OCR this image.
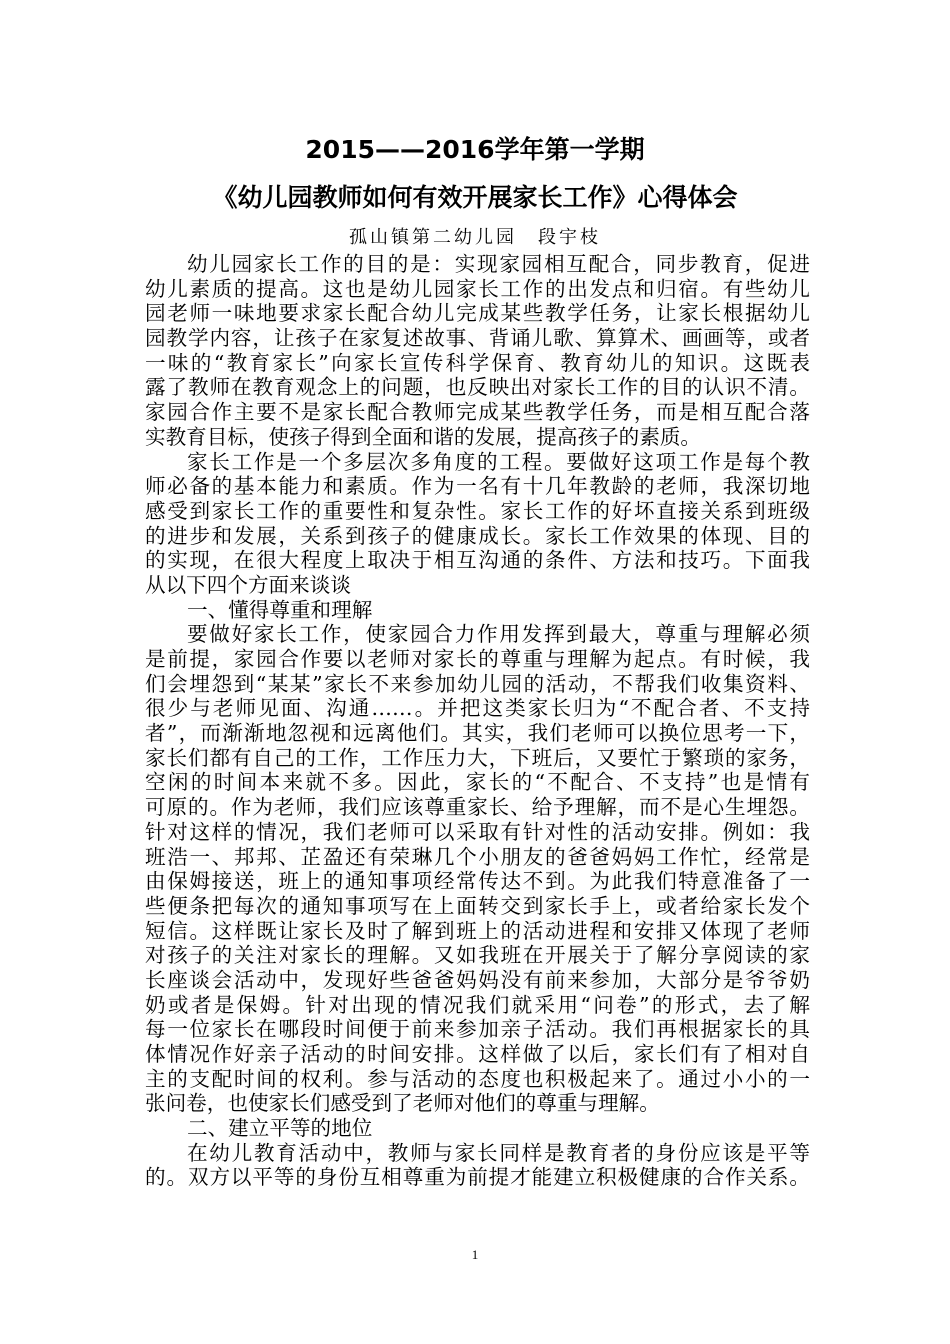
2015——2016学年第一学期
《幼儿园教师如何有效开展家长工作》心得体会
孤山镇第二幼儿园　段宇枝
幼儿园家长工作的目的是：实现家园相互配合，同步教育，促进
幼儿素质的提高。这也是幼儿园家长工作的出发点和归宿。有些幼儿
园老师一味地要求家长配合幼儿完成某些教学任务，让家长根据幼儿
园教学内容，让孩子在家复述故事、背诵儿歌、算算术、画画等，或者
一味的“教育家长”向家长宣传科学保育、教育幼儿的知识。这既表
露了教师在教育观念上的问题，也反映出对家长工作的目的认识不清。
家园合作主要不是家长配合教师完成某些教学任务，而是相互配合落
实教育目标，使孩子得到全面和谐的发展，提高孩子的素质。
家长工作是一个多层次多角度的工程。要做好这项工作是每个教
师必备的基本能力和素质。作为一名有十几年教龄的老师，我深切地
感受到家长工作的重要性和复杂性。家长工作的好坏直接关系到班级
的进步和发展，关系到孩子的健康成长。家长工作效果的体现、目的
的实现，在很大程度上取决于相互沟通的条件、方法和技巧。下面我
从以下四个方面来谈谈
一、懂得尊重和理解
要做好家长工作，使家园合力作用发挥到最大，尊重与理解必须
是前提，家园合作要以老师对家长的尊重与理解为起点。有时候，我
们会埋怨到“某某”家长不来参加幼儿园的活动，不帮我们收集资料、
很少与老师见面、沟通……。并把这类家长归为“不配合者、不支持
者”，而渐渐地忽视和远离他们。其实，我们老师可以换位思考一下，
家长们都有自己的工作，工作压力大，下班后，又要忙于繁琐的家务，
空闲的时间本来就不多。因此，家长的“不配合、不支持”也是情有
可原的。作为老师，我们应该尊重家长、给予理解，而不是心生埋怨。
针对这样的情况，我们老师可以采取有针对性的活动安排。例如：我
班浩一、邦邦、芷盈还有荣琳几个小朋友的爸爸妈妈工作忙，经常是
由保姆接送，班上的通知事项经常传达不到。为此我们特意准备了一
些便条把每次的通知事项写在上面转交到家长手上，或者给家长发个
短信。这样既让家长及时了解到班上的活动进程和安排又体现了老师
对孩子的关注对家长的理解。又如我班在开展关于了解分享阅读的家
长座谈会活动中，发现好些爸爸妈妈没有前来参加，大部分是爷爷奶
奶或者是保姆。针对出现的情况我们就采用“问卷”的形式，去了解
每一位家长在哪段时间便于前来参加亲子活动。我们再根据家长的具
体情况作好亲子活动的时间安排。这样做了以后，家长们有了相对自
主的支配时间的权利。参与活动的态度也积极起来了。通过小小的一
张问卷，也使家长们感受到了老师对他们的尊重与理解。
二、建立平等的地位
在幼儿教育活动中，教师与家长同样是教育者的身份应该是平等
的。双方以平等的身份互相尊重为前提才能建立积极健康的合作关系。
1
